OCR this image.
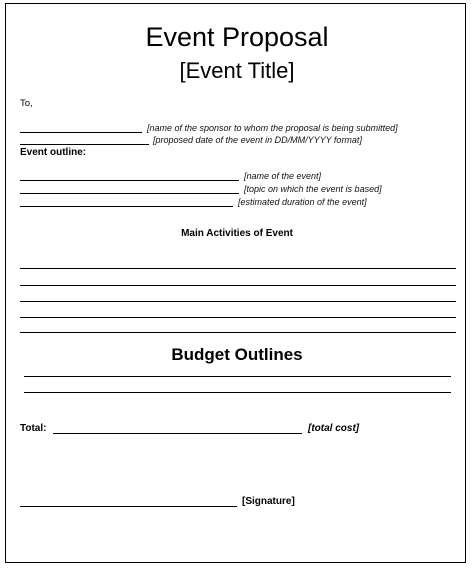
Event Proposal
[Event Title]
To,
[name of the sponsor to whom the proposal is being submitted]
[proposed date of the event in DD/MM/YYYY format]
Event outline:
[name of the event]
[topic on which the event is based]
[estimated duration of the event]
Main Activities of Event
Budget Outlines
Total:	[total cost]
[Signature]
